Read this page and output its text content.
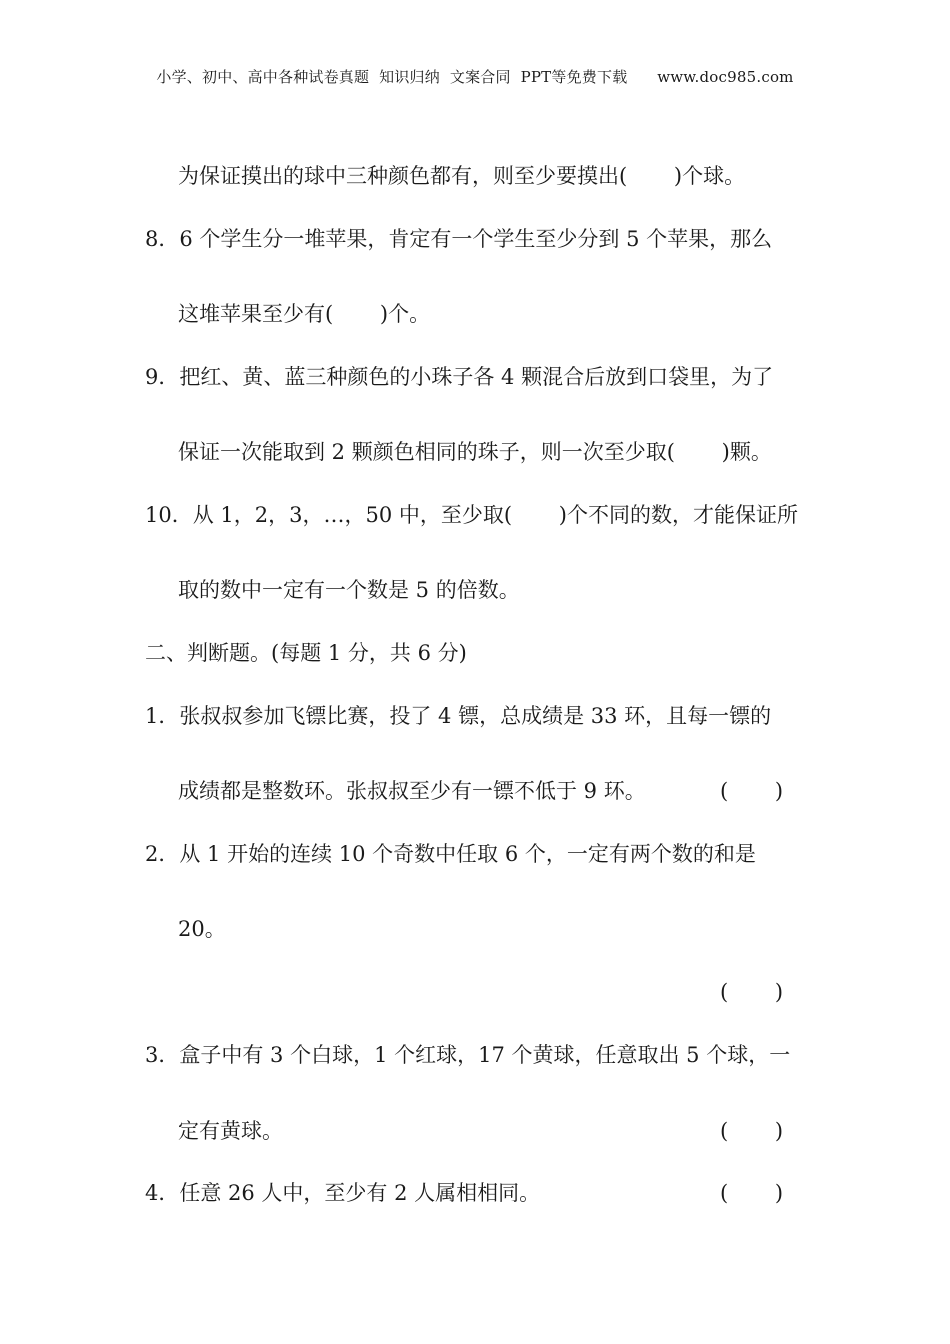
小学、初中、高中各种试卷真题  知识归纳  文案合同  PPT等免费下载      www.doc985.com
为保证摸出的球中三种颜色都有，则至少要摸出(       )个球。
8．6 个学生分一堆苹果，肯定有一个学生至少分到 5 个苹果，那么
这堆苹果至少有(       )个。
9．把红、黄、蓝三种颜色的小珠子各 4 颗混合后放到口袋里，为了
保证一次能取到 2 颗颜色相同的珠子，则一次至少取(       )颗。
10．从 1，2，3，…，50 中，至少取(       )个不同的数，才能保证所
取的数中一定有一个数是 5 的倍数。
二、判断题。(每题 1 分，共 6 分)
1．张叔叔参加飞镖比赛，投了 4 镖，总成绩是 33 环，且每一镖的
成绩都是整数环。张叔叔至少有一镖不低于 9 环。	(       )
2．从 1 开始的连续 10 个奇数中任取 6 个，一定有两个数的和是
20。
(       )
3．盒子中有 3 个白球，1 个红球，17 个黄球，任意取出 5 个球，一
定有黄球。	(       )
4．任意 26 人中，至少有 2 人属相相同。	(       )
